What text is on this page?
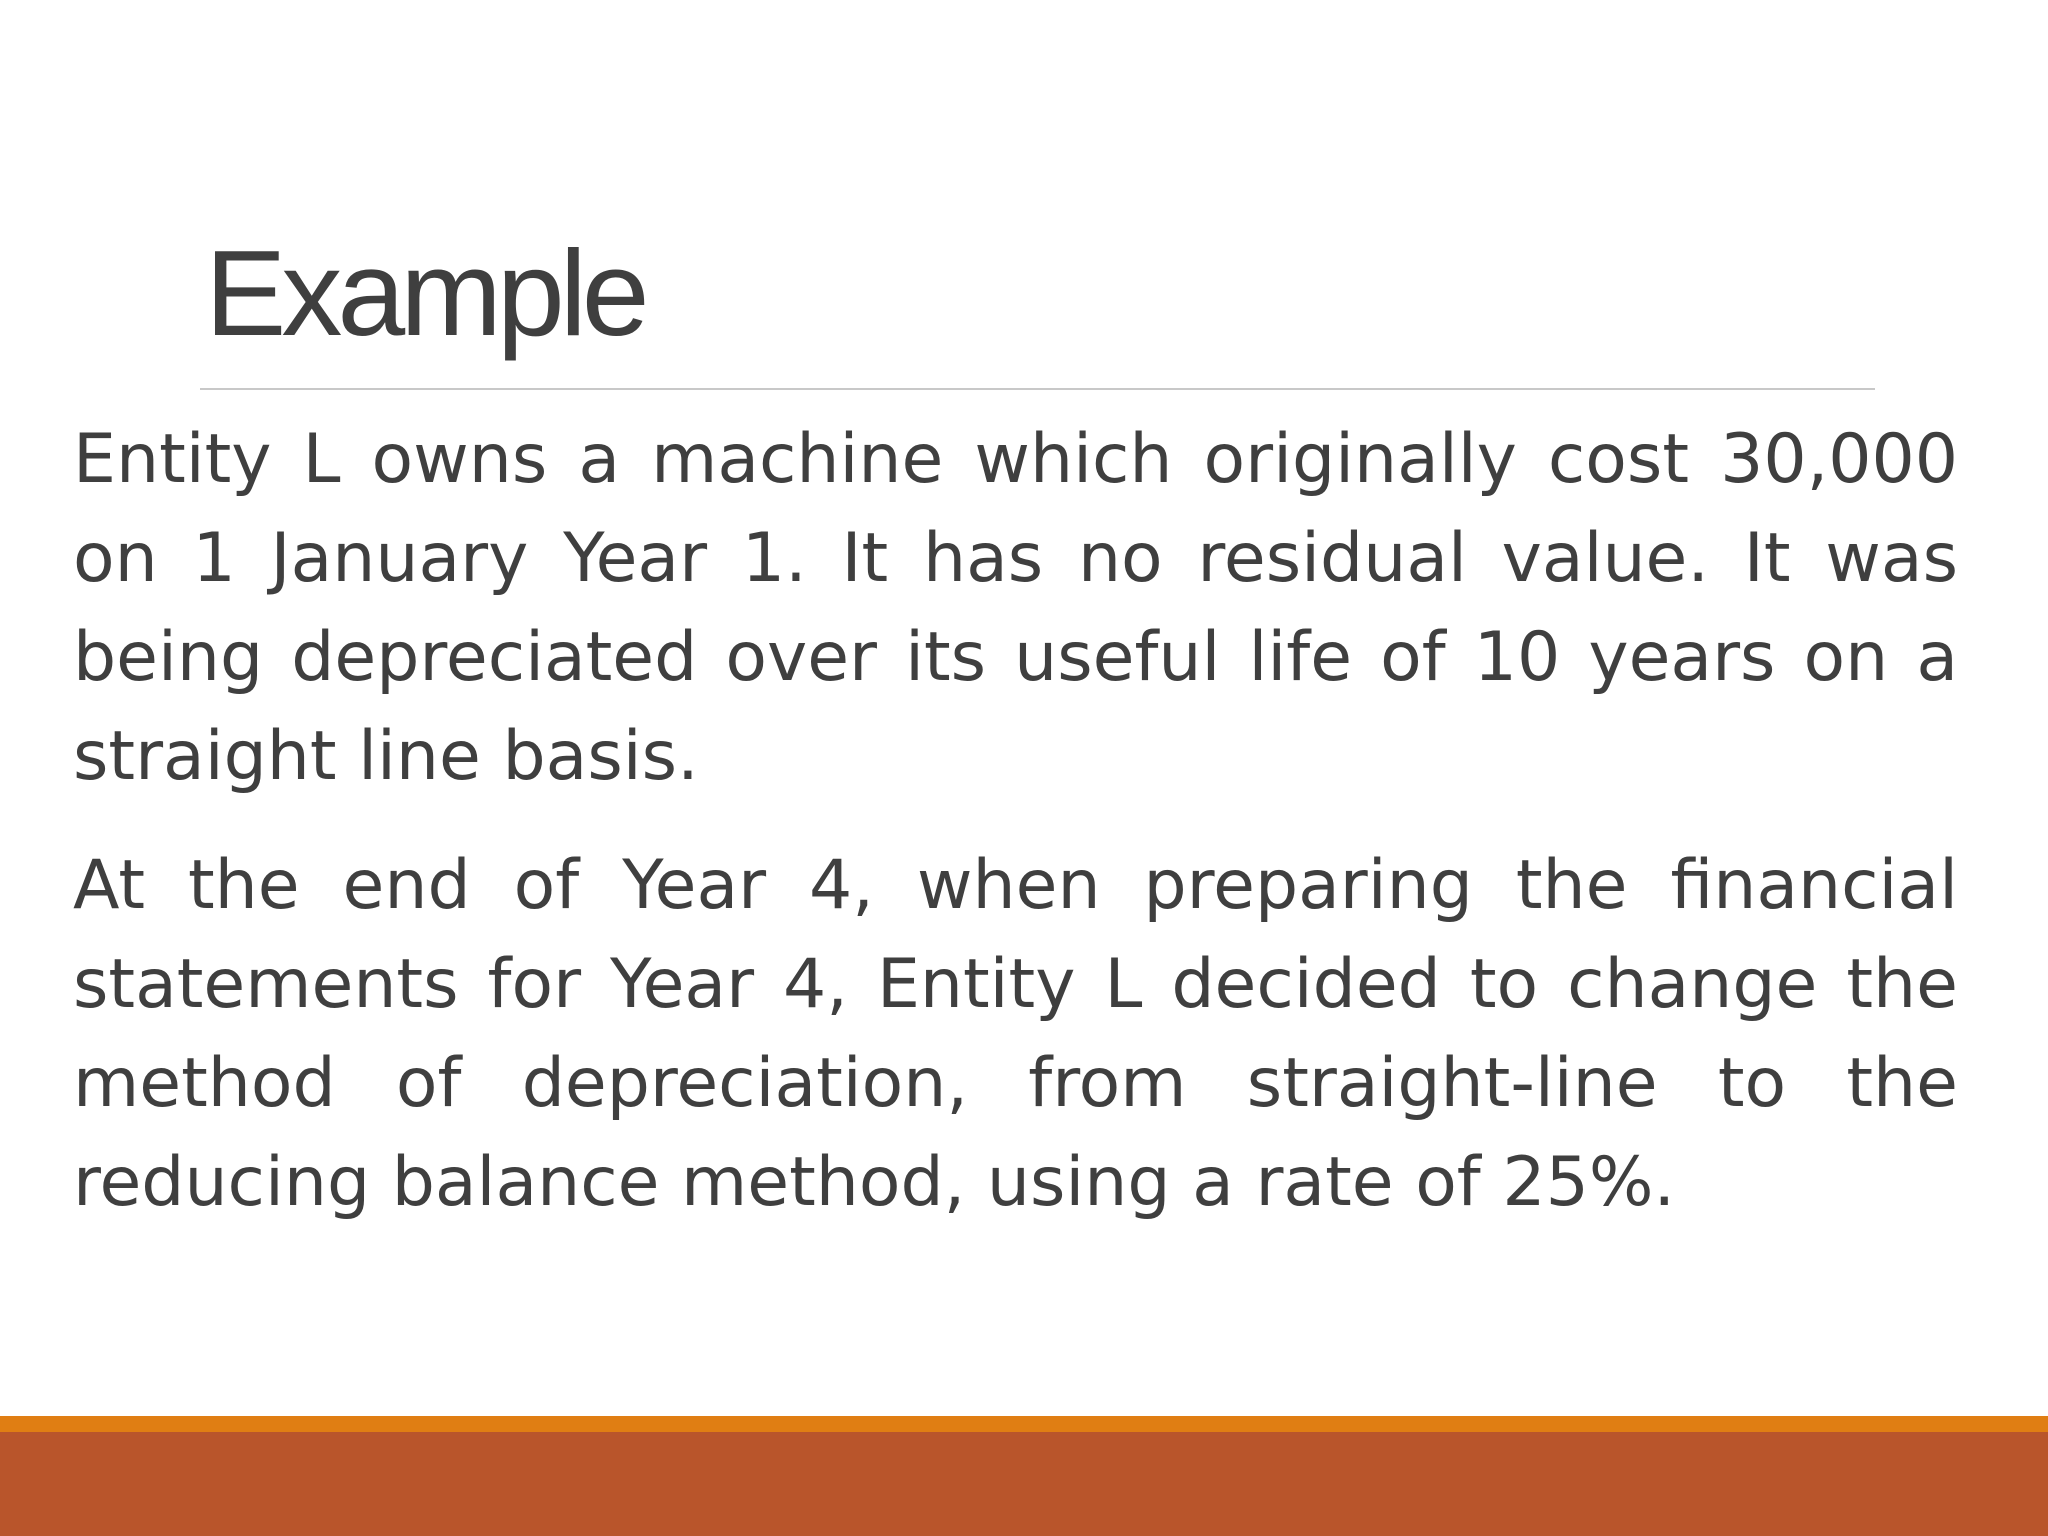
Example

Entity L owns a machine which originally cost 30,000 on 1 January Year 1. It has no residual value. It was being depreciated over its useful life of 10 years on a straight line basis.

At the end of Year 4, when preparing the financial statements for Year 4, Entity L decided to change the method of depreciation, from straight-line to the reducing balance method, using a rate of 25%.
